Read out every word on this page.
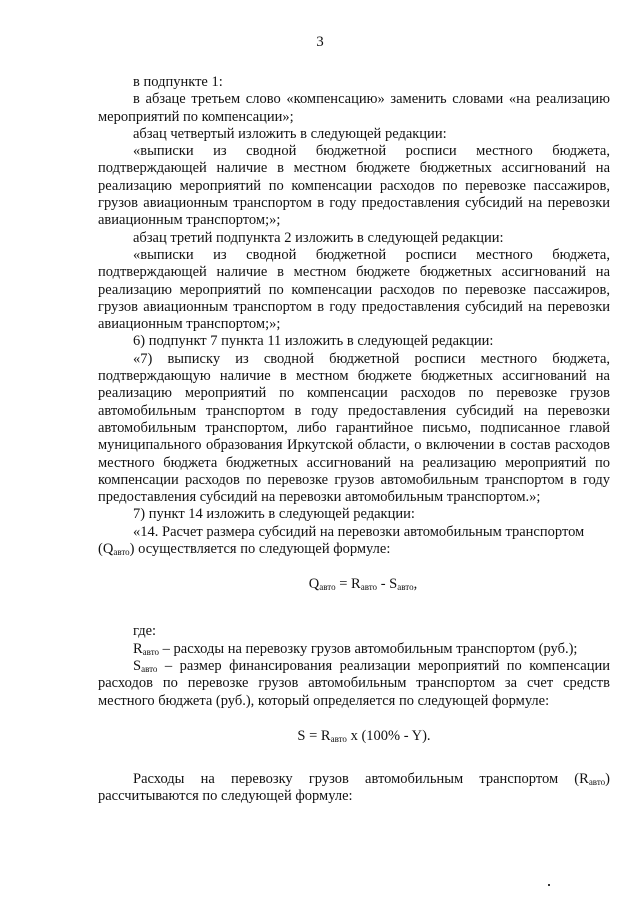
3

в подпункте 1:

в абзаце третьем слово «компенсацию» заменить словами «на реализацию мероприятий по компенсации»;

абзац четвертый изложить в следующей редакции:

«выписки из сводной бюджетной росписи местного бюджета, подтверждающей наличие в местном бюджете бюджетных ассигнований на реализацию мероприятий по компенсации расходов по перевозке пассажиров, грузов авиационным транспортом в году предоставления субсидий на перевозки авиационным транспортом;»;

абзац третий подпункта 2 изложить в следующей редакции:

«выписки из сводной бюджетной росписи местного бюджета, подтверждающей наличие в местном бюджете бюджетных ассигнований на реализацию мероприятий по компенсации расходов по перевозке пассажиров, грузов авиационным транспортом в году предоставления субсидий на перевозки авиационным транспортом;»;

6) подпункт 7 пункта 11 изложить в следующей редакции:

«7) выписку из сводной бюджетной росписи местного бюджета, подтверждающую наличие в местном бюджете бюджетных ассигнований на реализацию мероприятий по компенсации расходов по перевозке грузов автомобильным транспортом в году предоставления субсидий на перевозки автомобильным транспортом, либо гарантийное письмо, подписанное главой муниципального образования Иркутской области, о включении в состав расходов местного бюджета бюджетных ассигнований на реализацию мероприятий по компенсации расходов по перевозке грузов автомобильным транспортом в году предоставления субсидий на перевозки автомобильным транспортом.»;

7) пункт 14 изложить в следующей редакции:

«14. Расчет размера субсидий на перевозки автомобильным транспортом

$(Q_{авто})$ осуществляется по следующей формуле:

$Q_{авто} = R_{авто} - S_{авто}$,

где:

$R_{авто}$ – расходы на перевозку грузов автомобильным транспортом (руб.);

$S_{авто}$ – размер финансирования реализации мероприятий по компенсации расходов по перевозке грузов автомобильным транспортом за счет средств местного бюджета (руб.), который определяется по следующей формуле:

$S = R_{авто}$ x (100% - Y).

Расходы на перевозку грузов автомобильным транспортом $(R_{авто})$ рассчитываются по следующей формуле:
